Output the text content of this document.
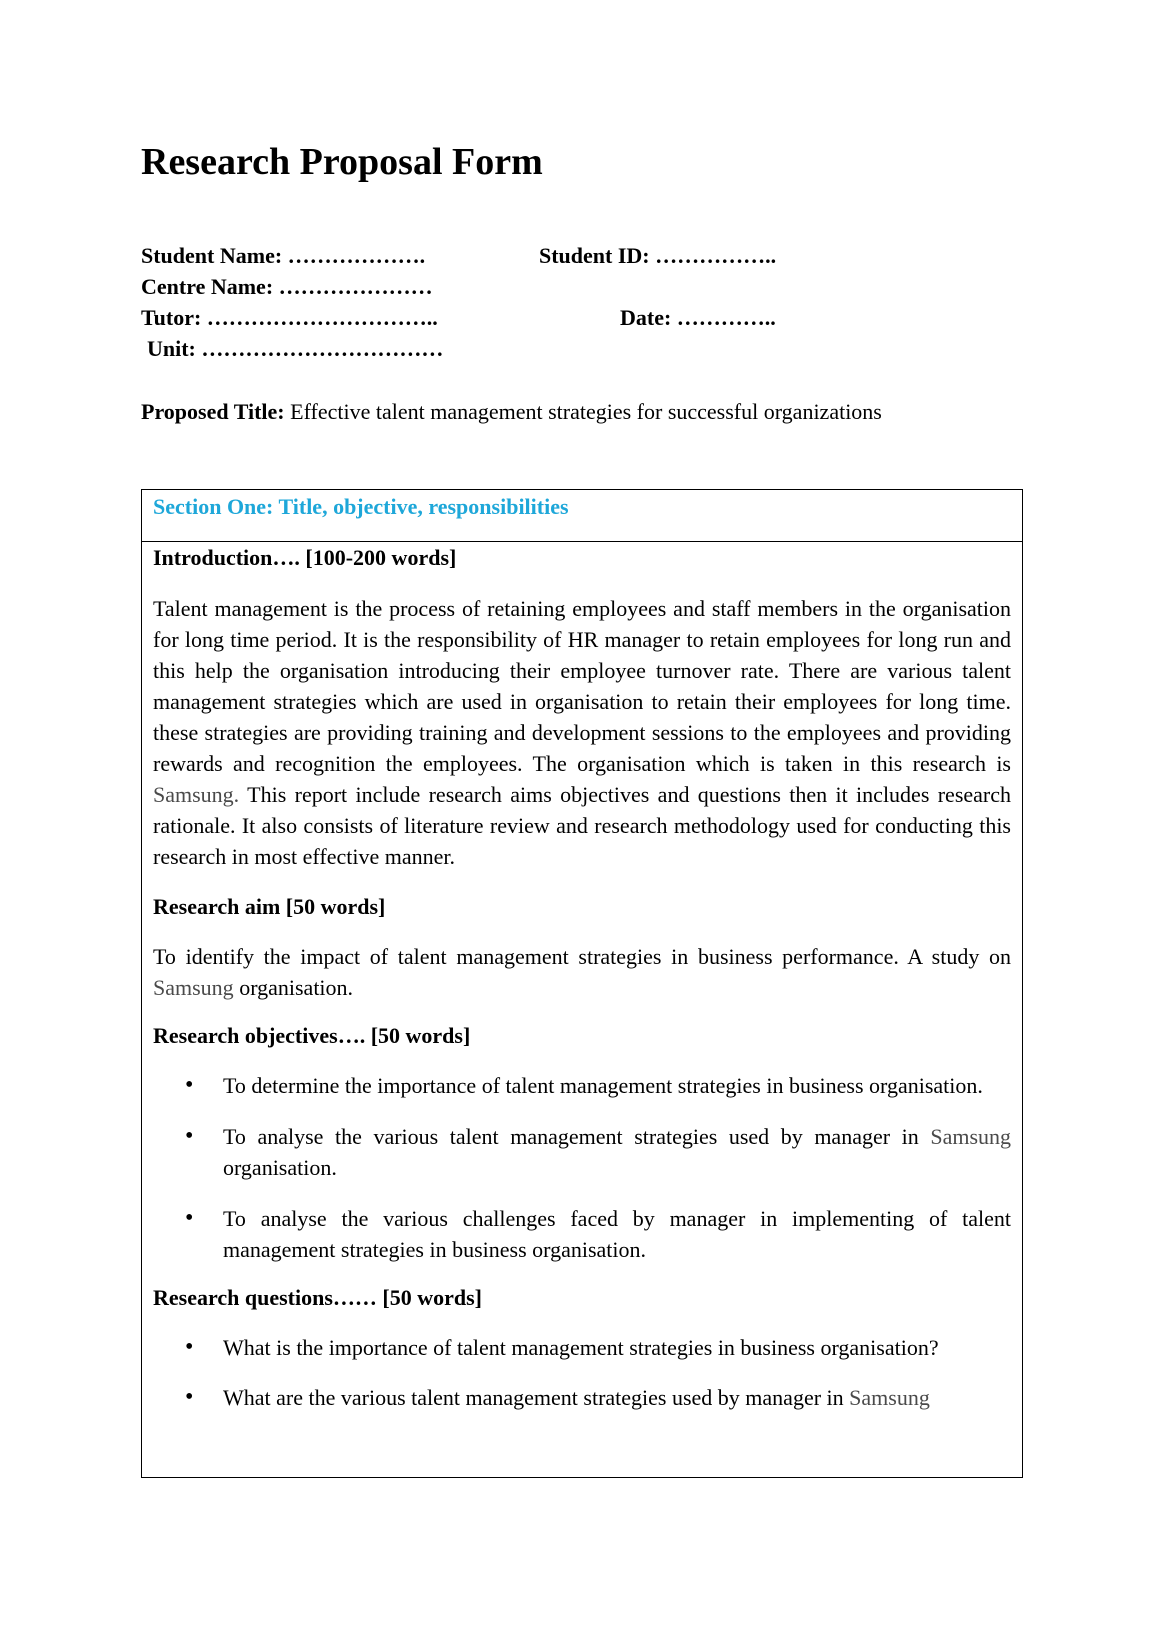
Research Proposal Form
Student Name: ……………….	Student ID: ……………..
Centre Name: …………………
Tutor: …………………………..	Date: …………..
Unit: ……………………………
Proposed Title: Effective talent management strategies for successful organizations
Section One: Title, objective, responsibilities

Introduction…. [100-200 words]

Talent management is the process of retaining employees and staff members in the organisation for long time period. It is the responsibility of HR manager to retain employees for long run and this help the organisation introducing their employee turnover rate. There are various talent management strategies which are used in organisation to retain their employees for long time. these strategies are providing training and development sessions to the employees and providing rewards and recognition the employees. The organisation which is taken in this research is Samsung. This report include research aims objectives and questions then it includes research rationale. It also consists of literature review and research methodology used for conducting this research in most effective manner.

Research aim [50 words]

To identify the impact of talent management strategies in business performance. A study on Samsung organisation.

Research objectives…. [50 words]

• To determine the importance of talent management strategies in business organisation.
• To analyse the various talent management strategies used by manager in Samsung organisation.
• To analyse the various challenges faced by manager in implementing of talent management strategies in business organisation.

Research questions…… [50 words]

• What is the importance of talent management strategies in business organisation?
• What are the various talent management strategies used by manager in Samsung
